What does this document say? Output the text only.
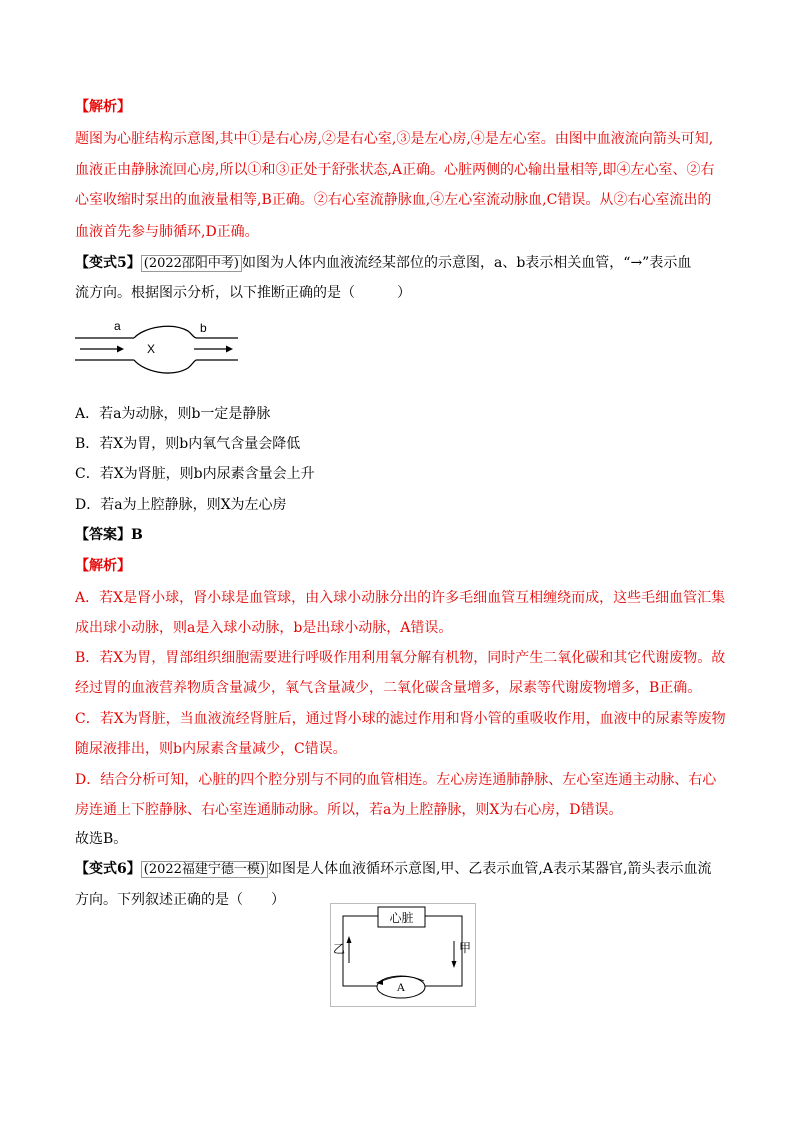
【解析】
题图为心脏结构示意图,其中①是右心房,②是右心室,③是左心房,④是左心室。由图中血液流向箭头可知,
血液正由静脉流回心房,所以①和③正处于舒张状态,A正确。心脏两侧的心输出量相等,即④左心室、②右
心室收缩时泵出的血液量相等,B正确。②右心室流静脉血,④左心室流动脉血,C错误。从②右心室流出的
血液首先参与肺循环,D正确。
【变式5】 (2022邵阳中考) 如图为人体内血液流经某部位的示意图，a、b表示相关血管，“→”表示血
流方向。根据图示分析，以下推断正确的是（　　　）
a	b
X
A．若a为动脉，则b一定是静脉
B．若X为胃，则b内氧气含量会降低
C．若X为肾脏，则b内尿素含量会上升
D．若a为上腔静脉，则X为左心房
【答案】B
【解析】
A．若X是肾小球，肾小球是血管球，由入球小动脉分出的许多毛细血管互相缠绕而成，这些毛细血管汇集
成出球小动脉，则a是入球小动脉，b是出球小动脉，A错误。
B．若X为胃，胃部组织细胞需要进行呼吸作用利用氧分解有机物，同时产生二氧化碳和其它代谢废物。故
经过胃的血液营养物质含量减少，氧气含量减少，二氧化碳含量增多，尿素等代谢废物增多，B正确。
C．若X为肾脏，当血液流经肾脏后，通过肾小球的滤过作用和肾小管的重吸收作用，血液中的尿素等废物
随尿液排出，则b内尿素含量减少，C错误。
D．结合分析可知，心脏的四个腔分别与不同的血管相连。左心房连通肺静脉、左心室连通主动脉、右心
房连通上下腔静脉、右心室连通肺动脉。所以，若a为上腔静脉，则X为右心房，D错误。
故选B。
【变式6】 (2022福建宁德一模) 如图是人体血液循环示意图,甲、乙表示血管,A表示某器官,箭头表示血流
方向。下列叙述正确的是（　　）
心脏
A
乙	甲
